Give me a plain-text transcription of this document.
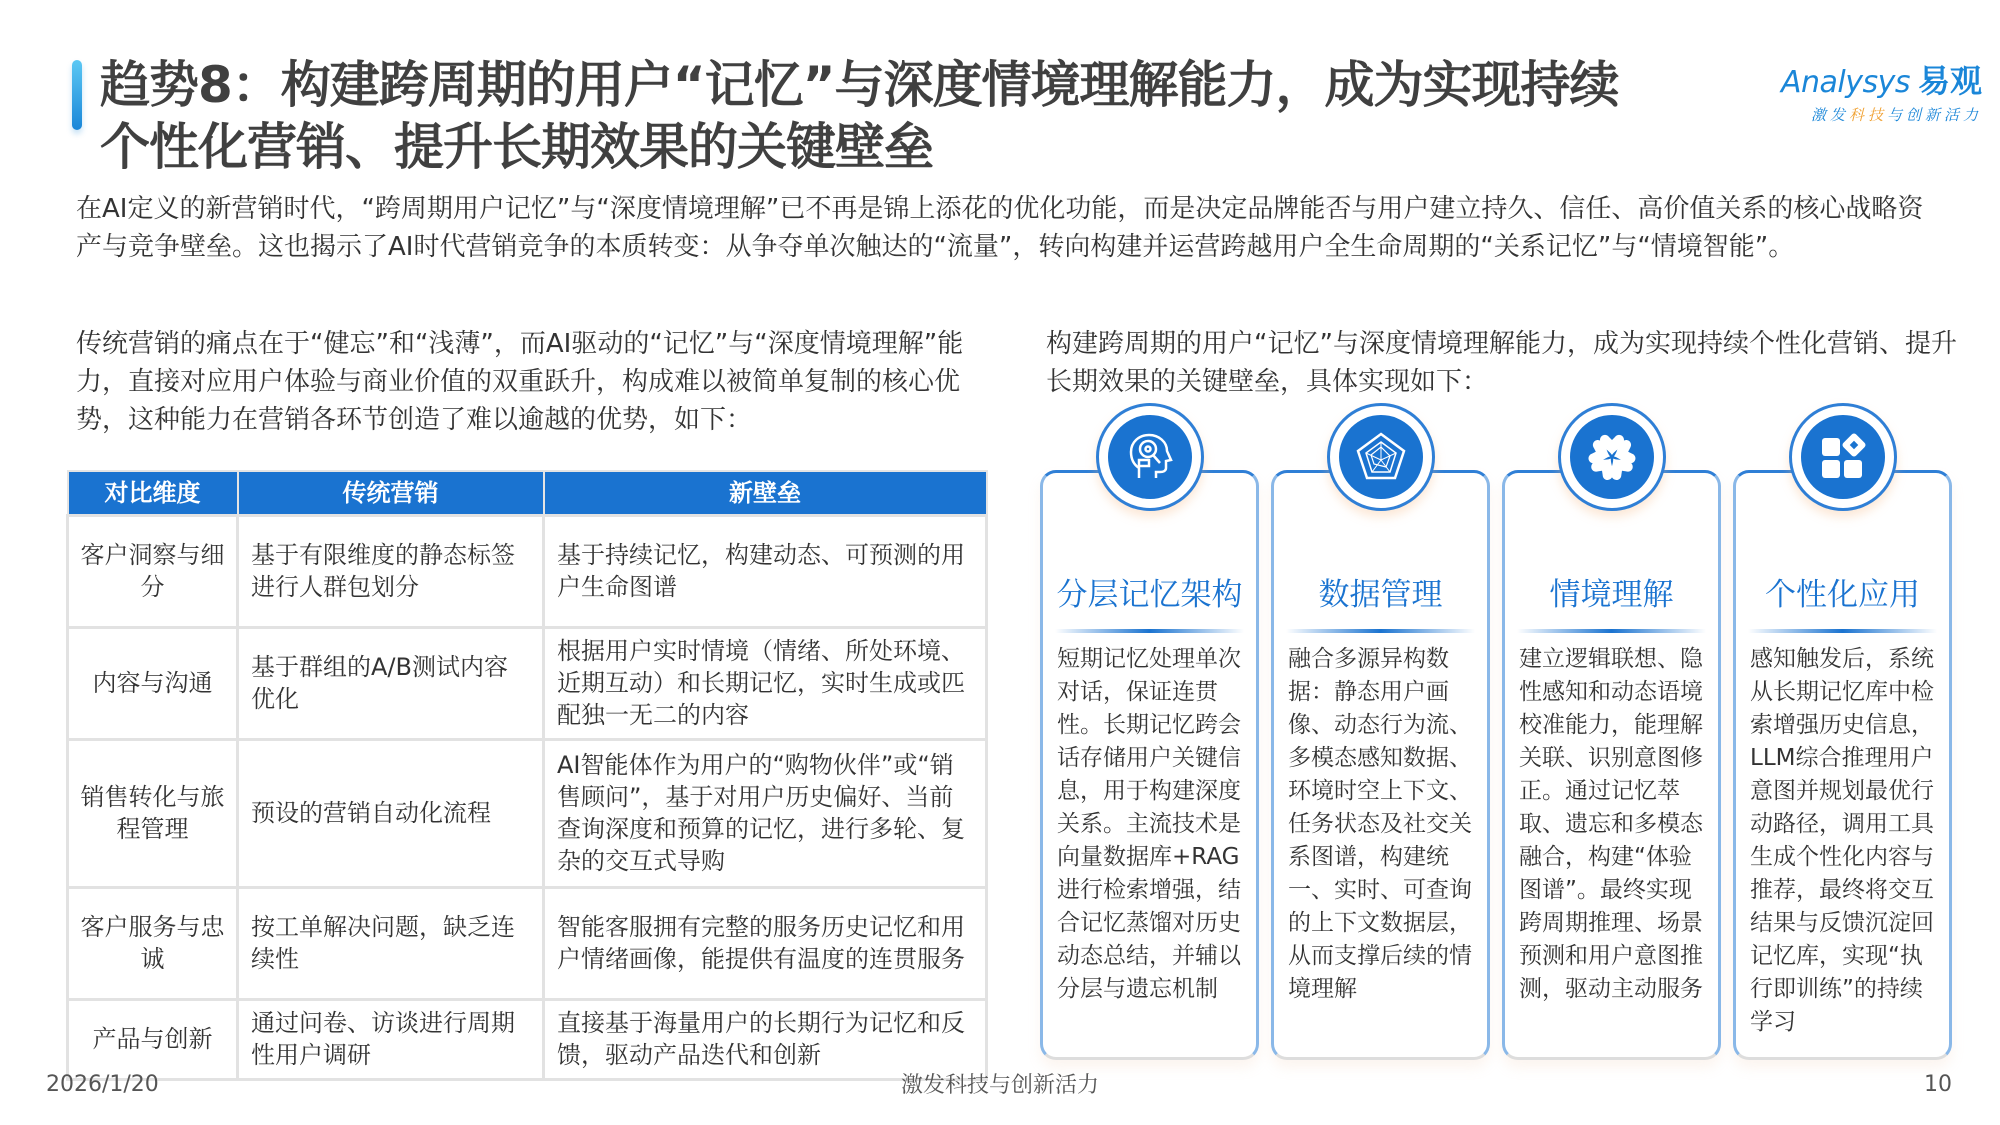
趋势8：构建跨周期的用户“记忆”与深度情境理解能力，成为实现持续
个性化营销、提升长期效果的关键壁垒
Analysys 易观
激发科技与创新活力

在AI定义的新营销时代，“跨周期用户记忆”与“深度情境理解”已不再是锦上添花的优化功能，而是决定品牌能否与用户建立持久、信任、高价值关系的核心战略资产与竞争壁垒。这也揭示了AI时代营销竞争的本质转变：从争夺单次触达的“流量”，转向构建并运营跨越用户全生命周期的“关系记忆”与“情境智能”。

传统营销的痛点在于“健忘”和“浅薄”，而AI驱动的“记忆”与“深度情境理解”能力，直接对应用户体验与商业价值的双重跃升，构成难以被简单复制的核心优势，这种能力在营销各环节创造了难以逾越的优势，如下：

构建跨周期的用户“记忆”与深度情境理解能力，成为实现持续个性化营销、提升长期效果的关键壁垒，具体实现如下：

对比维度	传统营销	新壁垒
客户洞察与细分	基于有限维度的静态标签进行人群包划分	基于持续记忆，构建动态、可预测的用户生命图谱
内容与沟通	基于群组的A/B测试内容优化	根据用户实时情境（情绪、所处环境、近期互动）和长期记忆，实时生成或匹配独一无二的内容
销售转化与旅程管理	预设的营销自动化流程	AI智能体作为用户的“购物伙伴”或“销售顾问”，基于对用户历史偏好、当前查询深度和预算的记忆，进行多轮、复杂的交互式导购
客户服务与忠诚	按工单解决问题，缺乏连续性	智能客服拥有完整的服务历史记忆和用户情绪画像，能提供有温度的连贯服务
产品与创新	通过问卷、访谈进行周期性用户调研	直接基于海量用户的长期行为记忆和反馈，驱动产品迭代和创新
分层记忆架构
短期记忆处理单次对话，保证连贯性。长期记忆跨会话存储用户关键信息，用于构建深度关系。主流技术是向量数据库+RAG进行检索增强，结合记忆蒸馏对历史动态总结，并辅以分层与遗忘机制
数据管理
融合多源异构数据：静态用户画像、动态行为流、多模态感知数据、环境时空上下文、任务状态及社交关系图谱，构建统一、实时、可查询的上下文数据层，从而支撑后续的情境理解
情境理解
建立逻辑联想、隐性感知和动态语境校准能力，能理解关联、识别意图修正。通过记忆萃取、遗忘和多模态融合，构建“体验图谱”。最终实现跨周期推理、场景预测和用户意图推测，驱动主动服务
个性化应用
感知触发后，系统从长期记忆库中检索增强历史信息，LLM综合推理用户意图并规划最优行动路径，调用工具生成个性化内容与推荐，最终将交互结果与反馈沉淀回记忆库，实现“执行即训练”的持续学习
2026/1/20	激发科技与创新活力	10
